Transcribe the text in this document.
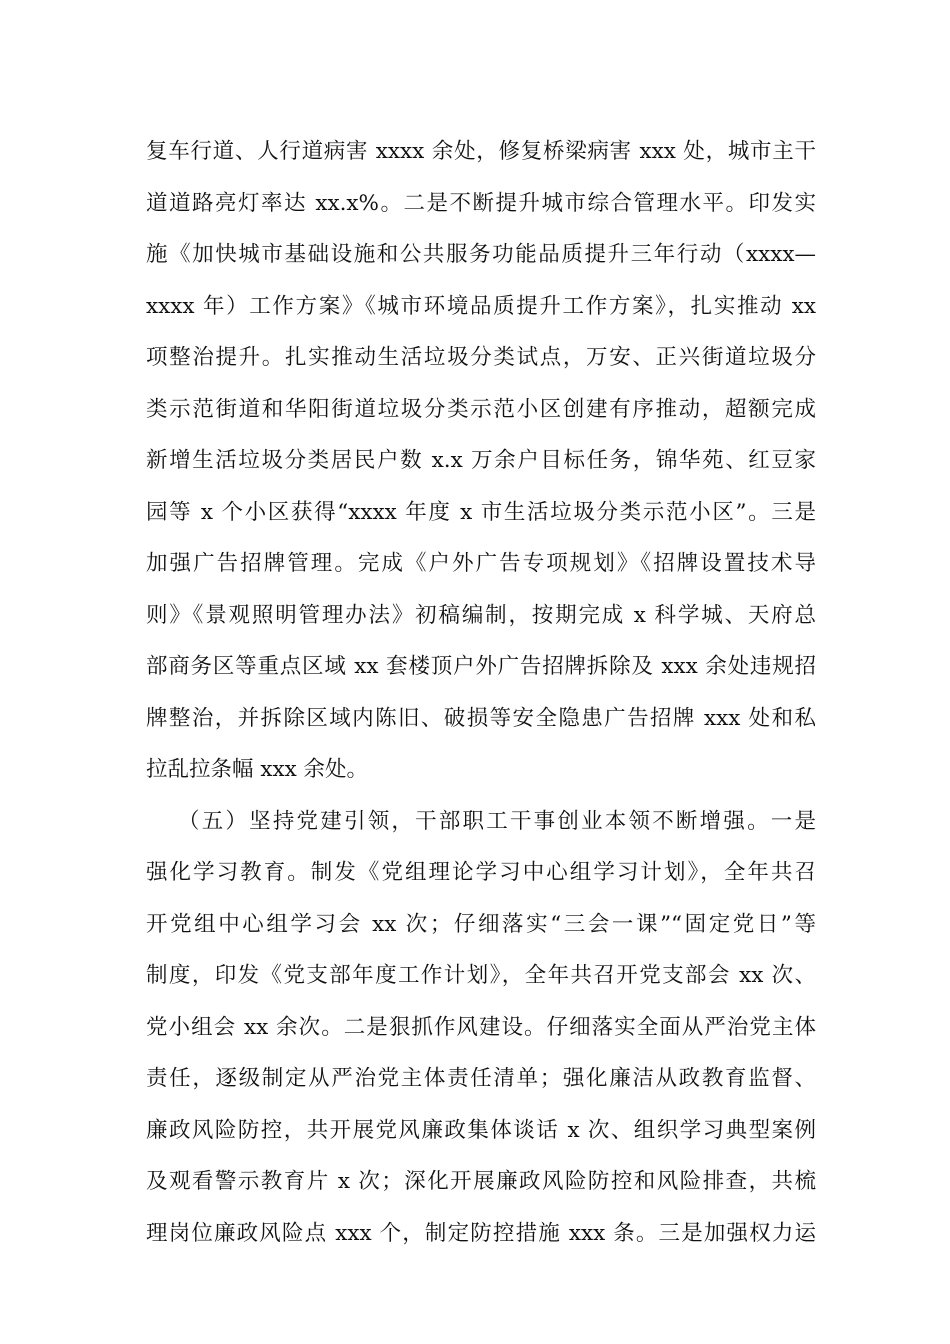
复车行道、人行道病害 xxxx 余处，修复桥梁病害 xxx 处，城市主干
道道路亮灯率达 xx.x%。二是不断提升城市综合管理水平。印发实
施《加快城市基础设施和公共服务功能品质提升三年行动（xxxx—
xxxx 年）工作方案》《城市环境品质提升工作方案》，扎实推动 xx
项整治提升。扎实推动生活垃圾分类试点，万安、正兴街道垃圾分
类示范街道和华阳街道垃圾分类示范小区创建有序推动，超额完成
新增生活垃圾分类居民户数 x.x 万余户目标任务，锦华苑、红豆家
园等 x 个小区获得“xxxx 年度 x 市生活垃圾分类示范小区”。三是
加强广告招牌管理。完成《户外广告专项规划》《招牌设置技术导
则》《景观照明管理办法》初稿编制，按期完成 x 科学城、天府总
部商务区等重点区域 xx 套楼顶户外广告招牌拆除及 xxx 余处违规招
牌整治，并拆除区域内陈旧、破损等安全隐患广告招牌 xxx 处和私
拉乱拉条幅 xxx 余处。
（五）坚持党建引领，干部职工干事创业本领不断增强。一是
强化学习教育。制发《党组理论学习中心组学习计划》，全年共召
开党组中心组学习会 xx 次；仔细落实“三会一课”“固定党日”等
制度，印发《党支部年度工作计划》，全年共召开党支部会 xx 次、
党小组会 xx 余次。二是狠抓作风建设。仔细落实全面从严治党主体
责任，逐级制定从严治党主体责任清单；强化廉洁从政教育监督、
廉政风险防控，共开展党风廉政集体谈话 x 次、组织学习典型案例
及观看警示教育片 x 次；深化开展廉政风险防控和风险排查，共梳
理岗位廉政风险点 xxx 个，制定防控措施 xxx 条。三是加强权力运
